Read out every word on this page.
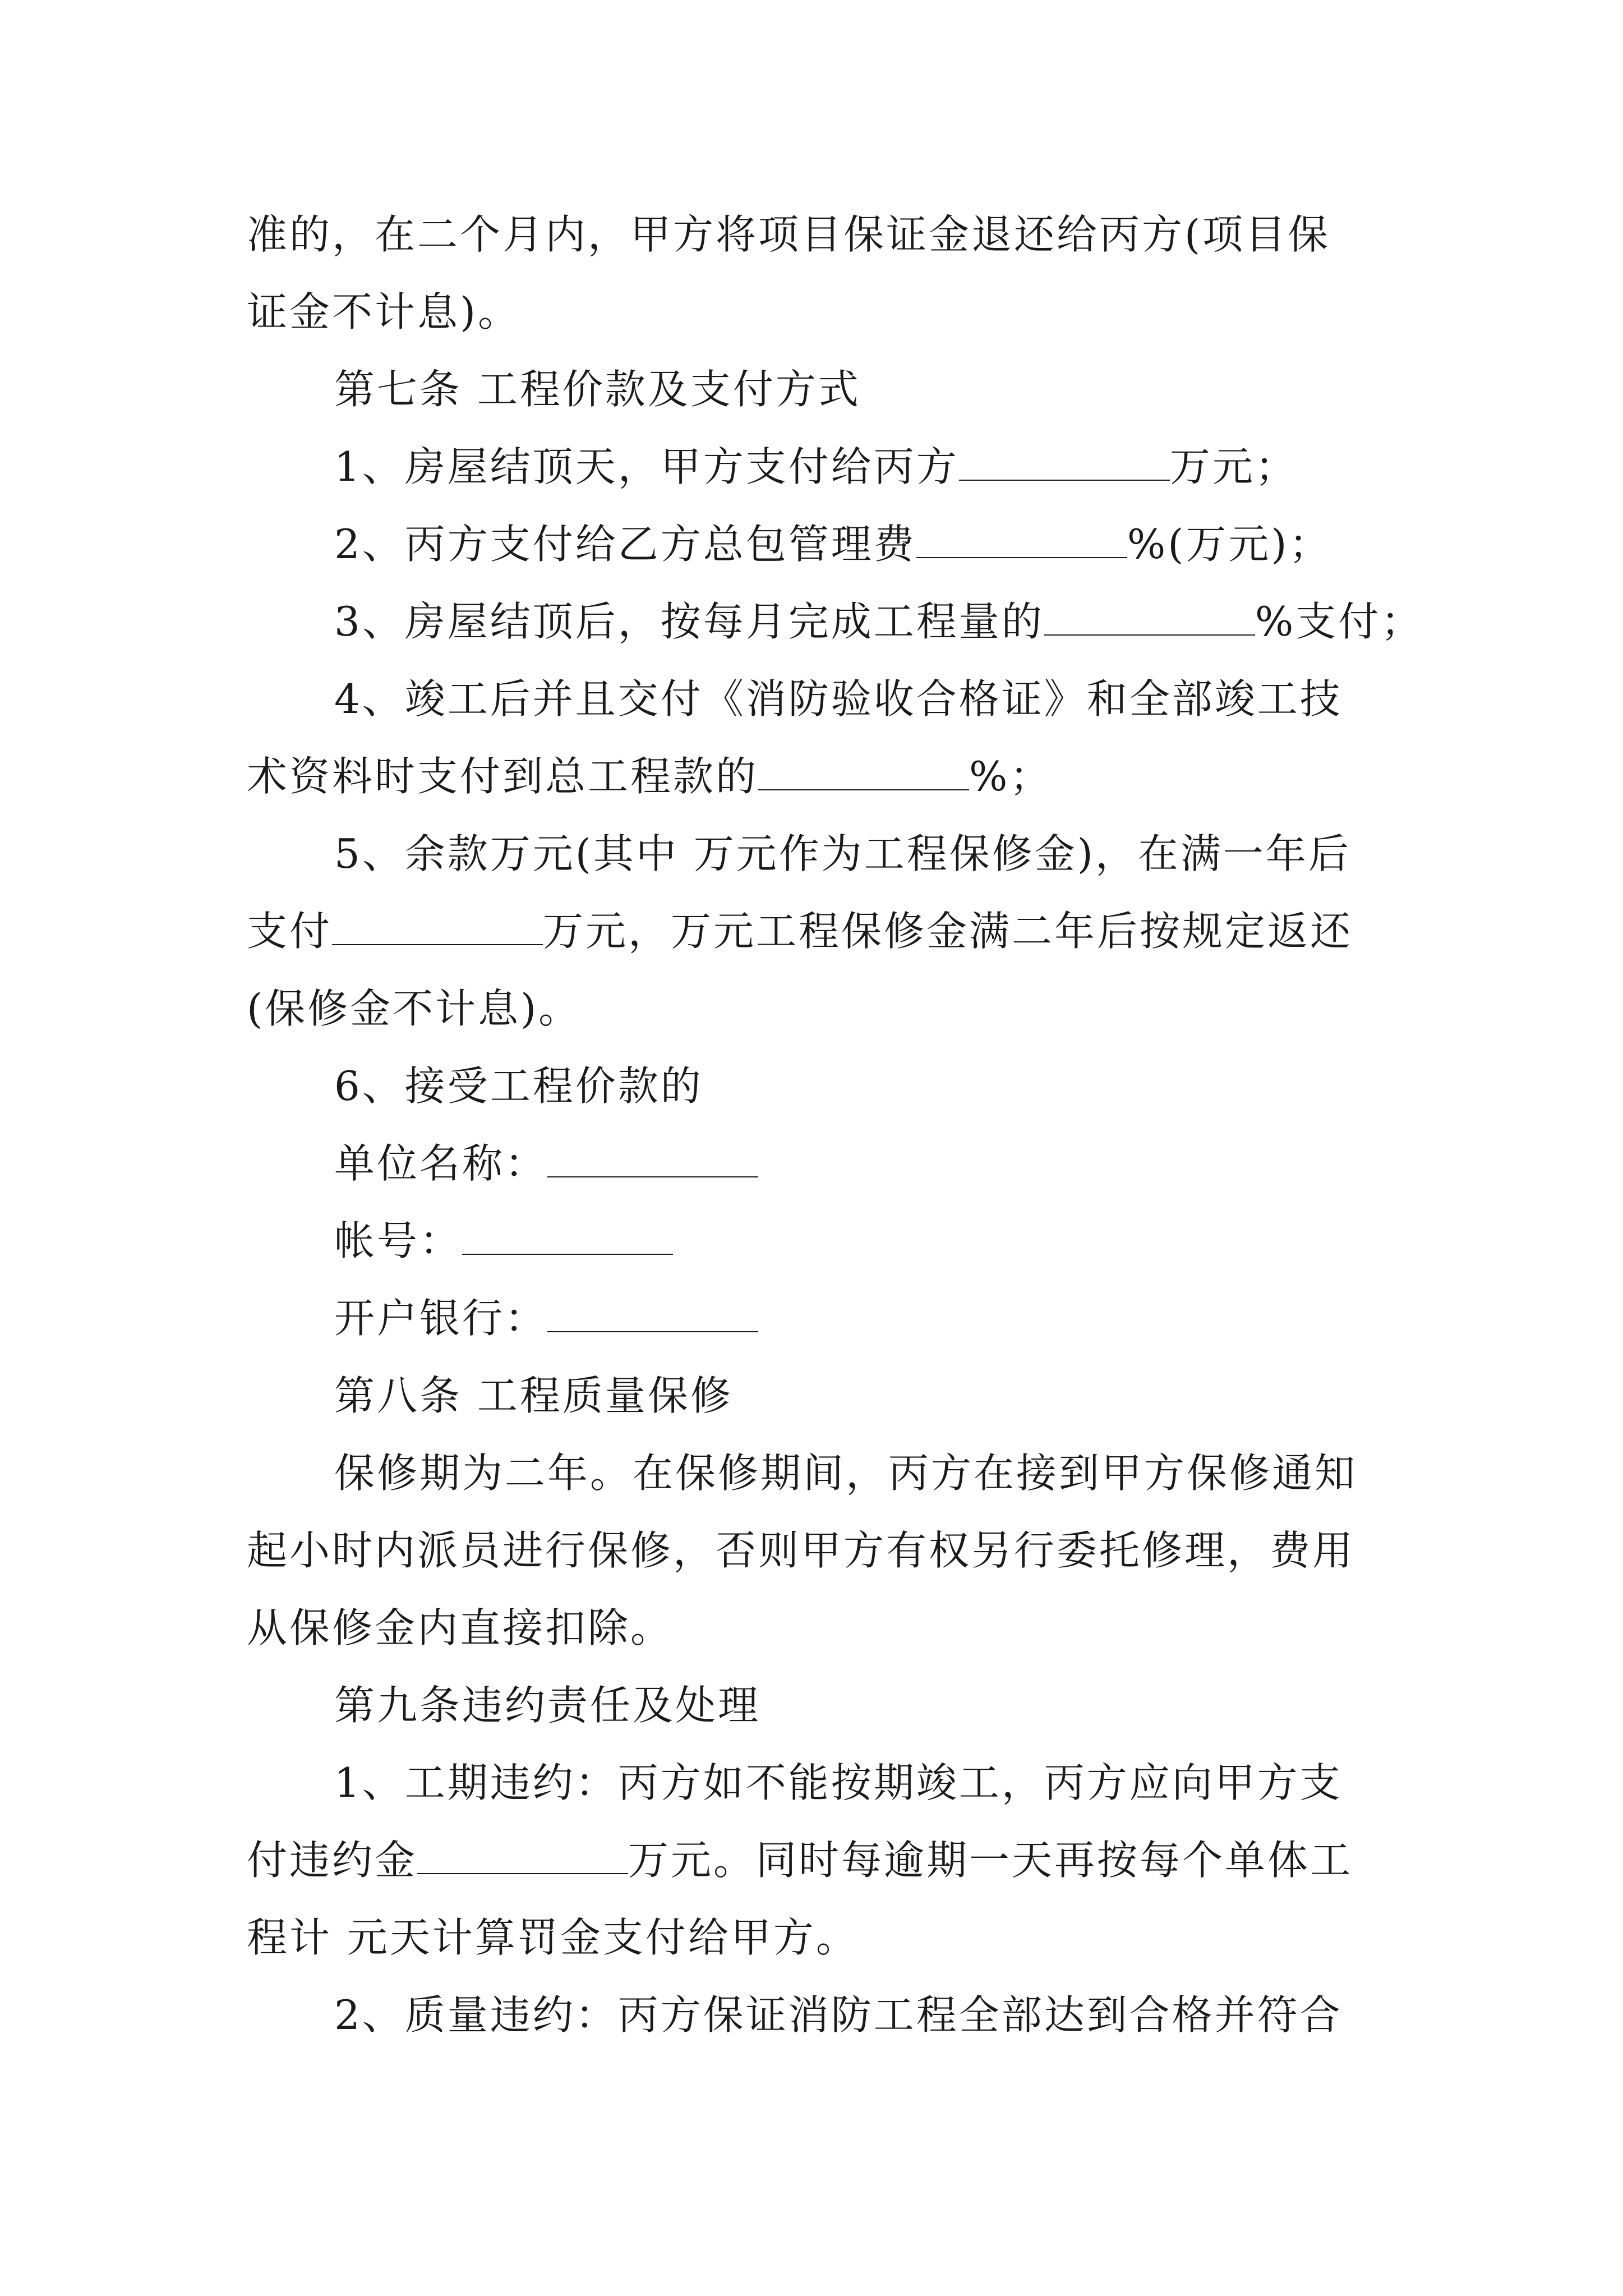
准的，在二个月内，甲方将项目保证金退还给丙方(项目保
证金不计息)。
第七条 工程价款及支付方式
1、房屋结顶天，甲方支付给丙方	万元；
2、丙方支付给乙方总包管理费	%(万元)；
3、房屋结顶后，按每月完成工程量的	%支付；
4、竣工后并且交付《消防验收合格证》和全部竣工技
术资料时支付到总工程款的	%；
5、余款万元(其中 万元作为工程保修金)，在满一年后
支付	万元，万元工程保修金满二年后按规定返还
(保修金不计息)。
6、接受工程价款的
单位名称：
帐号：
开户银行：
第八条 工程质量保修
保修期为二年。在保修期间，丙方在接到甲方保修通知
起小时内派员进行保修，否则甲方有权另行委托修理，费用
从保修金内直接扣除。
第九条违约责任及处理
1、工期违约：丙方如不能按期竣工，丙方应向甲方支
付违约金	万元。同时每逾期一天再按每个单体工
程计 元天计算罚金支付给甲方。
2、质量违约：丙方保证消防工程全部达到合格并符合
